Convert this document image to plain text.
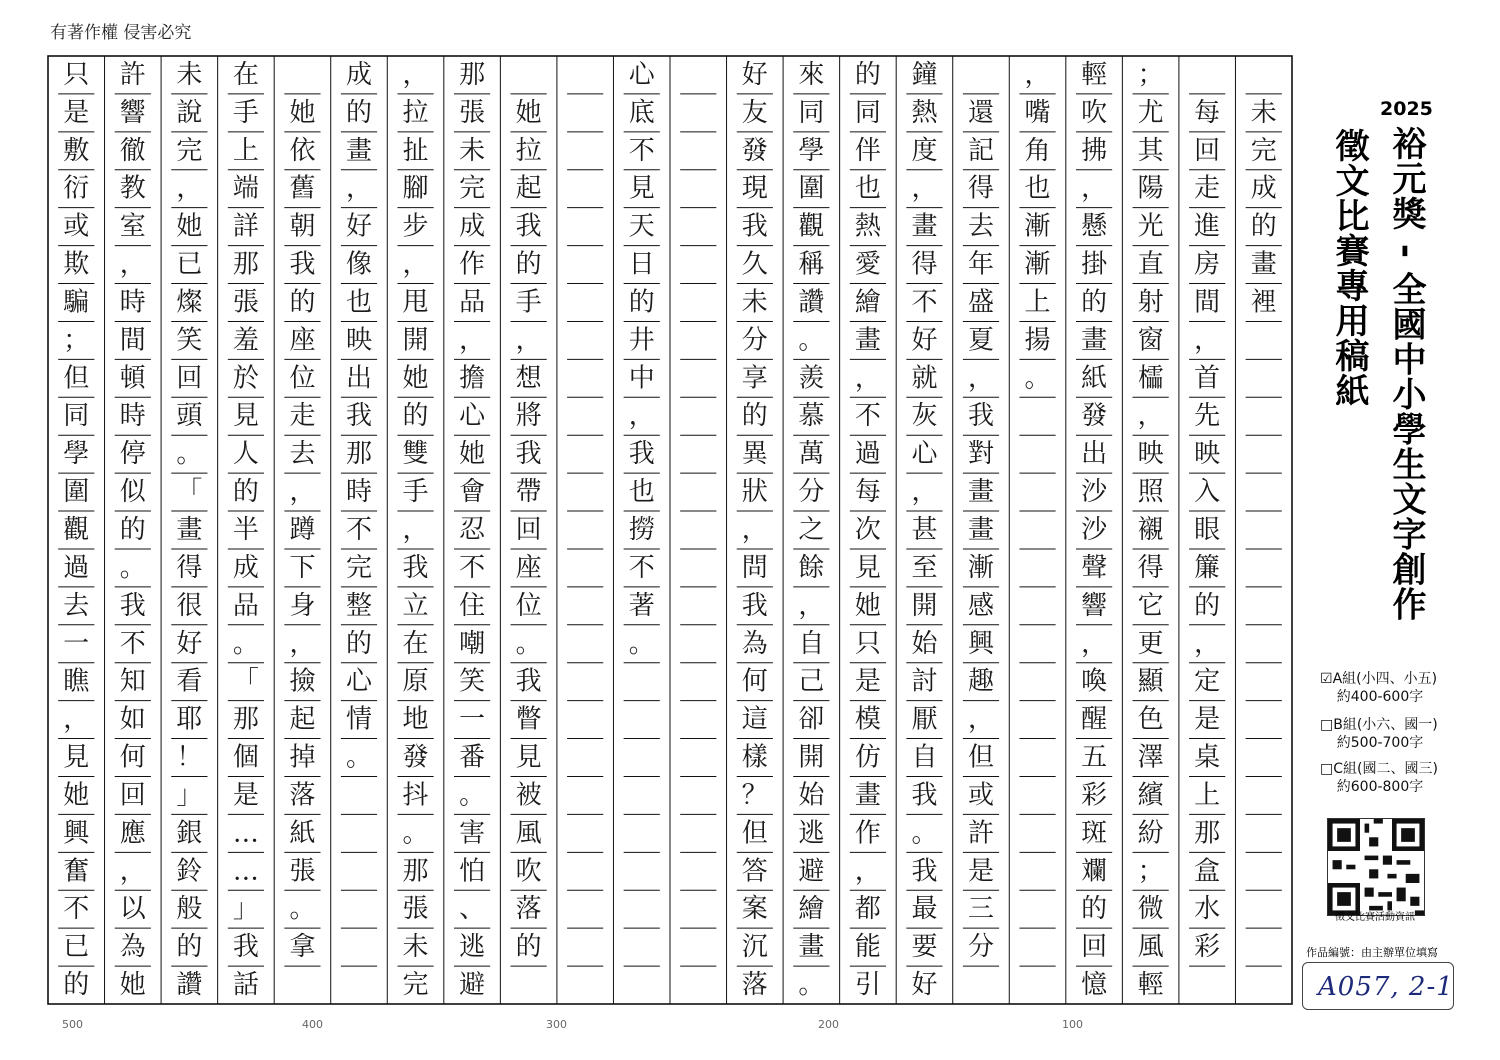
有著作權 侵害必究
未
完
成
的
畫
裡
每
回
走
進
房
間
，
首
先
映
入
眼
簾
的
，
定
是
桌
上
那
盒
水
彩
；
尤
其
陽
光
直
射
窗
櫺
，
映
照
襯
得
它
更
顯
色
澤
繽
紛
；
微
風
輕
輕
吹
拂
，
懸
掛
的
畫
紙
發
出
沙
沙
聲
響
，
喚
醒
五
彩
斑
斕
的
回
憶
，
嘴
角
也
漸
漸
上
揚
。
還
記
得
去
年
盛
夏
，
我
對
畫
畫
漸
感
興
趣
，
但
或
許
是
三
分
鐘
熱
度
，
畫
得
不
好
就
灰
心
，
甚
至
開
始
討
厭
自
我
。
我
最
要
好
的
同
伴
也
熱
愛
繪
畫
，
不
過
每
次
見
她
只
是
模
仿
畫
作
，
都
能
引
來
同
學
圍
觀
稱
讚
。
羨
慕
萬
分
之
餘
，
自
己
卻
開
始
逃
避
繪
畫
。
好
友
發
現
我
久
未
分
享
的
異
狀
，
問
我
為
何
這
樣
？
但
答
案
沉
落
心
底
不
見
天
日
的
井
中
，
我
也
撈
不
著
。
她
拉
起
我
的
手
，
想
將
我
帶
回
座
位
。
我
瞥
見
被
風
吹
落
的
那
張
未
完
成
作
品
，
擔
心
她
會
忍
不
住
嘲
笑
一
番
。
害
怕
、
逃
避
，
拉
扯
腳
步
，
甩
開
她
的
雙
手
，
我
立
在
原
地
發
抖
。
那
張
未
完
成
的
畫
，
好
像
也
映
出
我
那
時
不
完
整
的
心
情
。
她
依
舊
朝
我
的
座
位
走
去
，
蹲
下
身
，
撿
起
掉
落
紙
張
。
拿
在
手
上
端
詳
那
張
羞
於
見
人
的
半
成
品
。
「
那
個
是
…
…
」
我
話
未
說
完
，
她
已
燦
笑
回
頭
。
「
畫
得
很
好
看
耶
！
」
銀
鈴
般
的
讚
許
響
徹
教
室
，
時
間
頓
時
停
似
的
。
我
不
知
如
何
回
應
，
以
為
她
只
是
敷
衍
或
欺
騙
；
但
同
學
圍
觀
過
去
一
瞧
，
見
她
興
奮
不
已
的
2025
裕元獎 - 全國中小學生文字創作
徵文比賽專用稿紙
☑A組(小四、小五)
約400-600字
□B組(小六、國一)
約500-700字
□C組(國二、國三)
約600-800字
徵文比賽活動資訊
作品編號：由主辦單位填寫
A057, 2-1
500	400	300	200	100
